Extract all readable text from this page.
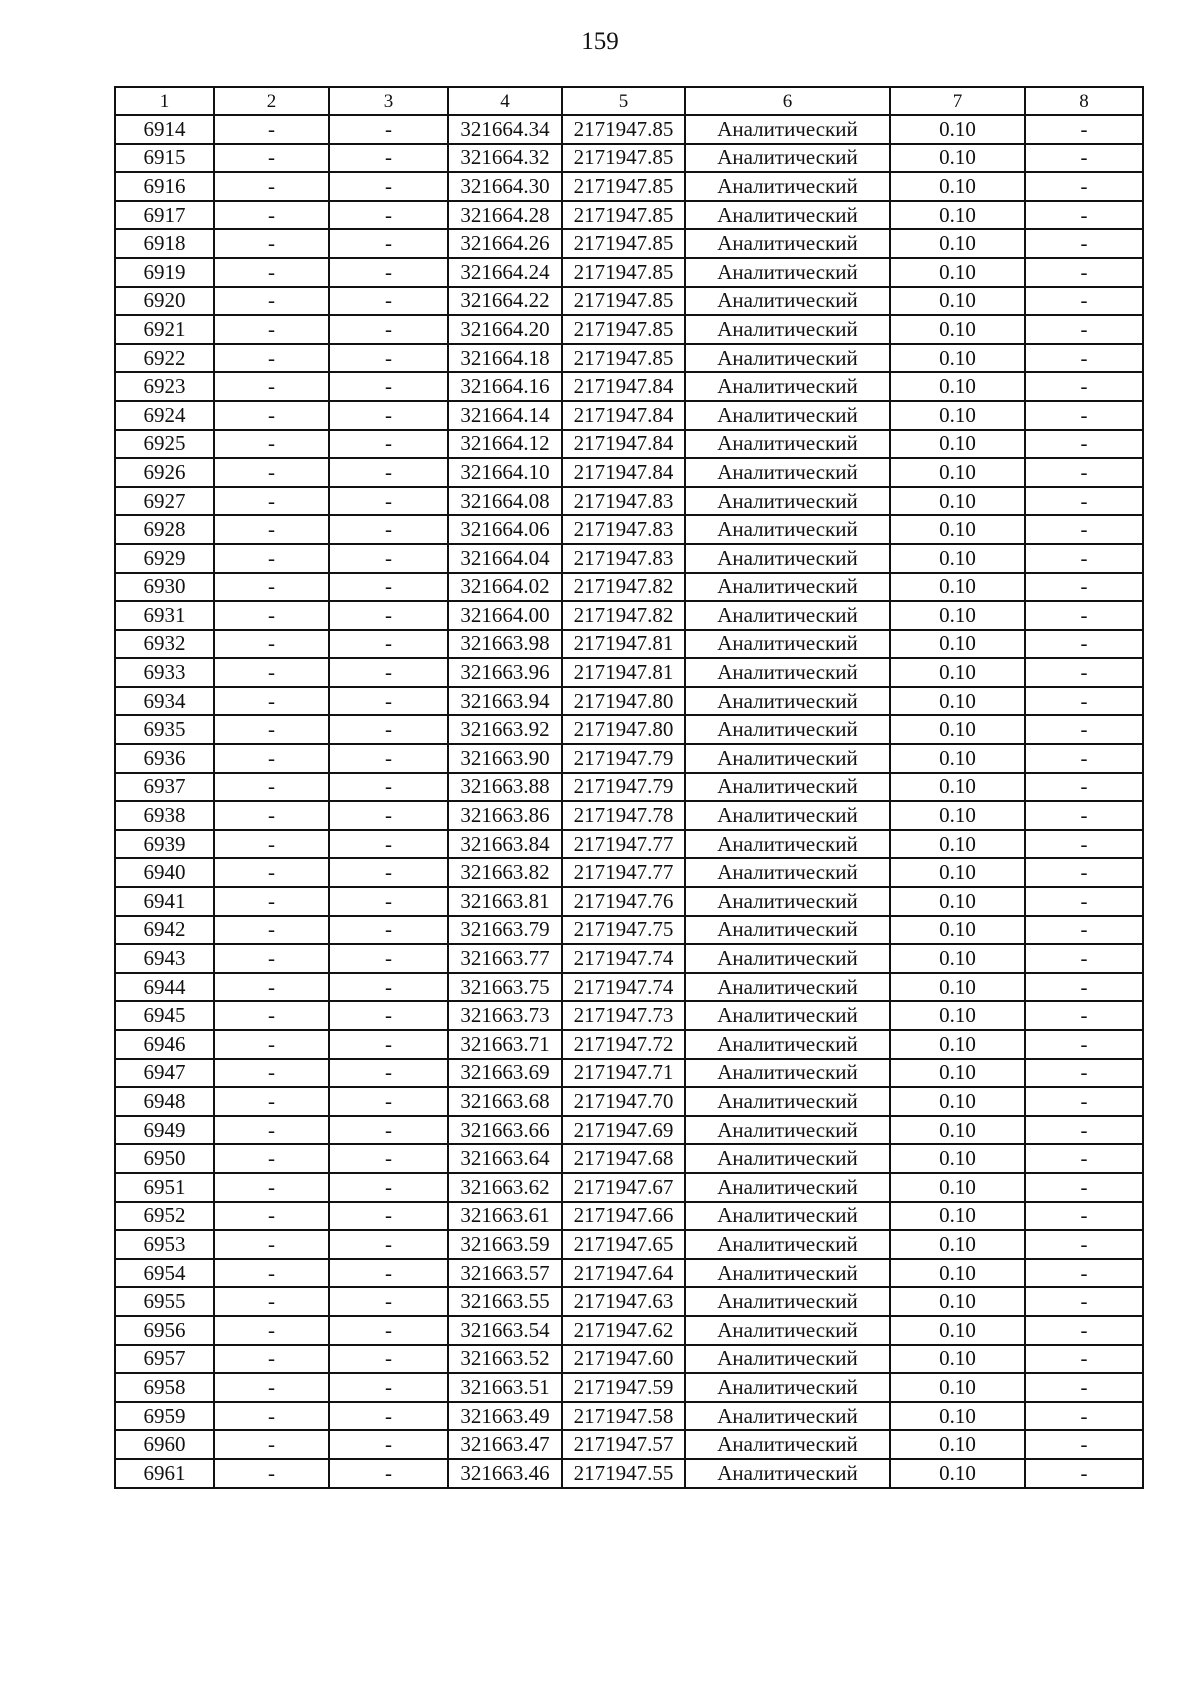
159
1	2	3	4	5	6	7	8
6914	-	-	321664.34	2171947.85	Аналитический	0.10	-
6915	-	-	321664.32	2171947.85	Аналитический	0.10	-
6916	-	-	321664.30	2171947.85	Аналитический	0.10	-
6917	-	-	321664.28	2171947.85	Аналитический	0.10	-
6918	-	-	321664.26	2171947.85	Аналитический	0.10	-
6919	-	-	321664.24	2171947.85	Аналитический	0.10	-
6920	-	-	321664.22	2171947.85	Аналитический	0.10	-
6921	-	-	321664.20	2171947.85	Аналитический	0.10	-
6922	-	-	321664.18	2171947.85	Аналитический	0.10	-
6923	-	-	321664.16	2171947.84	Аналитический	0.10	-
6924	-	-	321664.14	2171947.84	Аналитический	0.10	-
6925	-	-	321664.12	2171947.84	Аналитический	0.10	-
6926	-	-	321664.10	2171947.84	Аналитический	0.10	-
6927	-	-	321664.08	2171947.83	Аналитический	0.10	-
6928	-	-	321664.06	2171947.83	Аналитический	0.10	-
6929	-	-	321664.04	2171947.83	Аналитический	0.10	-
6930	-	-	321664.02	2171947.82	Аналитический	0.10	-
6931	-	-	321664.00	2171947.82	Аналитический	0.10	-
6932	-	-	321663.98	2171947.81	Аналитический	0.10	-
6933	-	-	321663.96	2171947.81	Аналитический	0.10	-
6934	-	-	321663.94	2171947.80	Аналитический	0.10	-
6935	-	-	321663.92	2171947.80	Аналитический	0.10	-
6936	-	-	321663.90	2171947.79	Аналитический	0.10	-
6937	-	-	321663.88	2171947.79	Аналитический	0.10	-
6938	-	-	321663.86	2171947.78	Аналитический	0.10	-
6939	-	-	321663.84	2171947.77	Аналитический	0.10	-
6940	-	-	321663.82	2171947.77	Аналитический	0.10	-
6941	-	-	321663.81	2171947.76	Аналитический	0.10	-
6942	-	-	321663.79	2171947.75	Аналитический	0.10	-
6943	-	-	321663.77	2171947.74	Аналитический	0.10	-
6944	-	-	321663.75	2171947.74	Аналитический	0.10	-
6945	-	-	321663.73	2171947.73	Аналитический	0.10	-
6946	-	-	321663.71	2171947.72	Аналитический	0.10	-
6947	-	-	321663.69	2171947.71	Аналитический	0.10	-
6948	-	-	321663.68	2171947.70	Аналитический	0.10	-
6949	-	-	321663.66	2171947.69	Аналитический	0.10	-
6950	-	-	321663.64	2171947.68	Аналитический	0.10	-
6951	-	-	321663.62	2171947.67	Аналитический	0.10	-
6952	-	-	321663.61	2171947.66	Аналитический	0.10	-
6953	-	-	321663.59	2171947.65	Аналитический	0.10	-
6954	-	-	321663.57	2171947.64	Аналитический	0.10	-
6955	-	-	321663.55	2171947.63	Аналитический	0.10	-
6956	-	-	321663.54	2171947.62	Аналитический	0.10	-
6957	-	-	321663.52	2171947.60	Аналитический	0.10	-
6958	-	-	321663.51	2171947.59	Аналитический	0.10	-
6959	-	-	321663.49	2171947.58	Аналитический	0.10	-
6960	-	-	321663.47	2171947.57	Аналитический	0.10	-
6961	-	-	321663.46	2171947.55	Аналитический	0.10	-
